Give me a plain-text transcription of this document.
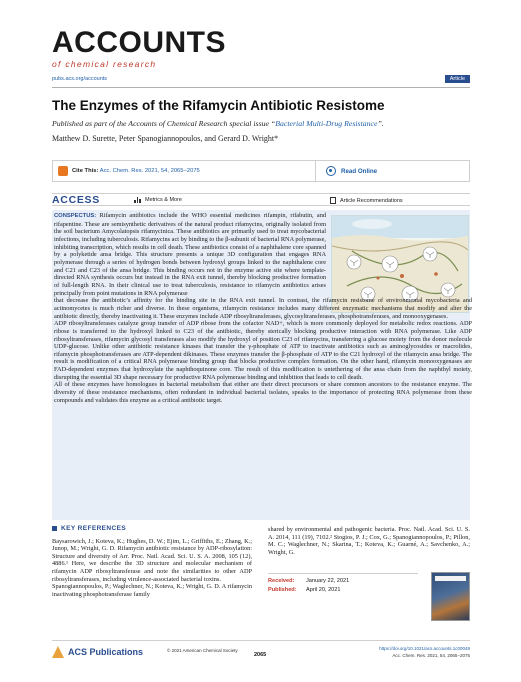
ACCOUNTS
of chemical research
pubs.acs.org/accounts	Article
The Enzymes of the Rifamycin Antibiotic Resistome
Published as part of the Accounts of Chemical Research special issue “Bacterial Multi-Drug Resistance”.
Matthew D. Surette, Peter Spanogiannopoulos, and Gerard D. Wright*
Cite This: Acc. Chem. Res. 2021, 54, 2065−2075	Read Online
ACCESS	Metrics & More	Article Recommendations
CONSPECTUS: Rifamycin antibiotics include the WHO essential medicines rifampin, rifabutin, and rifapentine. These are semisynthetic derivatives of the natural product rifamycins, originally isolated from the soil bacterium Amycolatopsis rifamycinica. These antibiotics are primarily used to treat mycobacterial infections, including tuberculosis. Rifamycins act by binding to the β-subunit of bacterial RNA polymerase, inhibiting transcription, which results in cell death. These antibiotics consist of a naphthalene core spanned by a polyketide ansa bridge. This structure presents a unique 3D configuration that engages RNA polymerase through a series of hydrogen bonds between hydroxyl groups linked to the naphthalene core and C21 and C23 of the ansa bridge. This binding occurs not in the enzyme active site where template-directed RNA synthesis occurs but instead in the RNA exit tunnel, thereby blocking productive formation of full-length RNA. In their clinical use to treat tuberculosis, resistance to rifamycin antibiotics arises principally from point mutations in RNA polymerase
that decrease the antibiotic’s affinity for the binding site in the RNA exit tunnel. In contrast, the rifamycin resistome of environmental mycobacteria and actinomycetes is much richer and diverse. In these organisms, rifamycin resistance includes many different enzymatic mechanisms that modify and alter the antibiotic directly, thereby inactivating it. These enzymes include ADP ribosyltransferases, glycosyltransferases, phosphotransferases, and monooxygenases.
ADP ribosyltransferases catalyze group transfer of ADP ribose from the cofactor NAD+, which is more commonly deployed for metabolic redox reactions. ADP ribose is transferred to the hydroxyl linked to C23 of the antibiotic, thereby sterically blocking productive interaction with RNA polymerase. Like ADP ribosyltransferases, rifamycin glycosyl transferases also modify the hydroxyl of position C23 of rifamycins, transferring a glucose moiety from the donor molecule UDP-glucose. Unlike other antibiotic resistance kinases that transfer the γ-phosphate of ATP to inactivate antibiotics such as aminoglycosides or macrolides, rifamycin phosphotransferases are ATP-dependent dikinases. These enzymes transfer the β-phosphate of ATP to the C21 hydroxyl of the rifamycin ansa bridge. The result is modification of a critical RNA polymerase binding group that blocks productive complex formation. On the other hand, rifamycin monooxygenases are FAD-dependent enzymes that hydroxylate the naphthoquinone core. The result of this modification is untethering of the ansa chain from the naphthyl moiety, disrupting the essential 3D shape necessary for productive RNA polymerase binding and inhibition that leads to cell death.
All of these enzymes have homologues in bacterial metabolism that either are their direct precursors or share common ancestors to the resistance enzyme. The diversity of these resistance mechanisms, often redundant in individual bacterial isolates, speaks to the importance of protecting RNA polymerase from these compounds and validates this enzyme as a critical antibiotic target.
KEY REFERENCES

Baysarowich, J.; Koteva, K.; Hughes, D. W.; Ejim, L.; Griffiths, E.; Zhang, K.; Junop, M.; Wright, G. D. Rifamycin antibiotic resistance by ADP-ribosylation: Structure and diversity of Arr. Proc. Natl. Acad. Sci. U. S. A. 2008, 105 (12), 4886.¹ Here, we describe the 3D structure and molecular mechanism of rifamycin ADP ribosyltransferase and note the similarities to other ADP ribosyltransferases, including virulence-associated bacterial toxins.

Spanogiannopoulos, P.; Waglechner, N.; Koteva, K.; Wright, G. D. A rifamycin inactivating phosphotransferase family

shared by environmental and pathogenic bacteria. Proc. Natl. Acad. Sci. U. S. A. 2014, 111 (19), 7102.² Stogios, P. J.; Cox, G.; Spanogiannopoulos, P.; Pillon, M. C.; Waglechner, N.; Skarina, T.; Koteva, K.; Guarné, A.; Savchenko, A.; Wright, G.
Received: January 22, 2021
Published: April 20, 2021
ACS Publications	© 2021 American Chemical Society
2065
https://doi.org/10.1021/acs.accounts.1c00048
Acc. Chem. Res. 2021, 54, 2065−2075
